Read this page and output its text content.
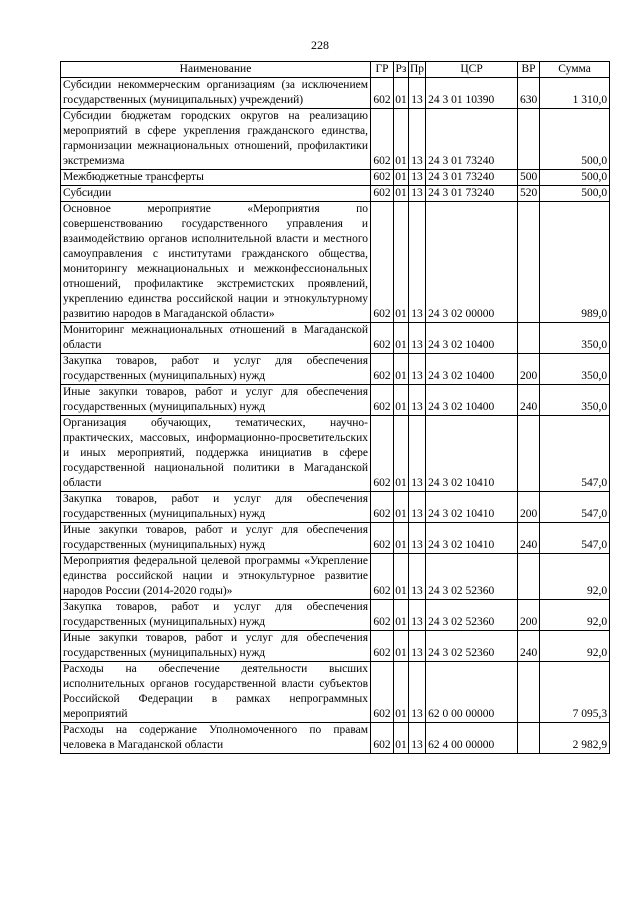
228
Наименование	ГР	Рз	Пр	ЦСР	ВР	Сумма
Субсидии некоммерческим организациям (за исключением государственных (муниципальных) учреждений)	602	01	13	24 3 01 10390	630	1 310,0
Субсидии бюджетам городских округов на реализацию мероприятий в сфере укрепления гражданского единства, гармонизации межнациональных отношений, профилактики экстремизма	602	01	13	24 3 01 73240		500,0
Межбюджетные трансферты	602	01	13	24 3 01 73240	500	500,0
Субсидии	602	01	13	24 3 01 73240	520	500,0
Основное мероприятие «Мероприятия по совершенствованию государственного управления и взаимодействию органов исполнительной власти и местного самоуправления с институтами гражданского общества, мониторингу межнациональных и межконфессиональных отношений, профилактике экстремистских проявлений, укреплению единства российской нации и этнокультурному развитию народов в Магаданской области»	602	01	13	24 3 02 00000		989,0
Мониторинг межнациональных отношений в Магаданской области	602	01	13	24 3 02 10400		350,0
Закупка товаров, работ и услуг для обеспечения государственных (муниципальных) нужд	602	01	13	24 3 02 10400	200	350,0
Иные закупки товаров, работ и услуг для обеспечения государственных (муниципальных) нужд	602	01	13	24 3 02 10400	240	350,0
Организация обучающих, тематических, научно-практических, массовых, информационно-просветительских и иных мероприятий, поддержка инициатив в сфере государственной национальной политики в Магаданской области	602	01	13	24 3 02 10410		547,0
Закупка товаров, работ и услуг для обеспечения государственных (муниципальных) нужд	602	01	13	24 3 02 10410	200	547,0
Иные закупки товаров, работ и услуг для обеспечения государственных (муниципальных) нужд	602	01	13	24 3 02 10410	240	547,0
Мероприятия федеральной целевой программы «Укрепление единства российской нации и этнокультурное развитие народов России (2014-2020 годы)»	602	01	13	24 3 02 52360		92,0
Закупка товаров, работ и услуг для обеспечения государственных (муниципальных) нужд	602	01	13	24 3 02 52360	200	92,0
Иные закупки товаров, работ и услуг для обеспечения государственных (муниципальных) нужд	602	01	13	24 3 02 52360	240	92,0
Расходы на обеспечение деятельности высших исполнительных органов государственной власти субъектов Российской Федерации в рамках непрограммных мероприятий	602	01	13	62 0 00 00000		7 095,3
Расходы на содержание Уполномоченного по правам человека в Магаданской области	602	01	13	62 4 00 00000		2 982,9
